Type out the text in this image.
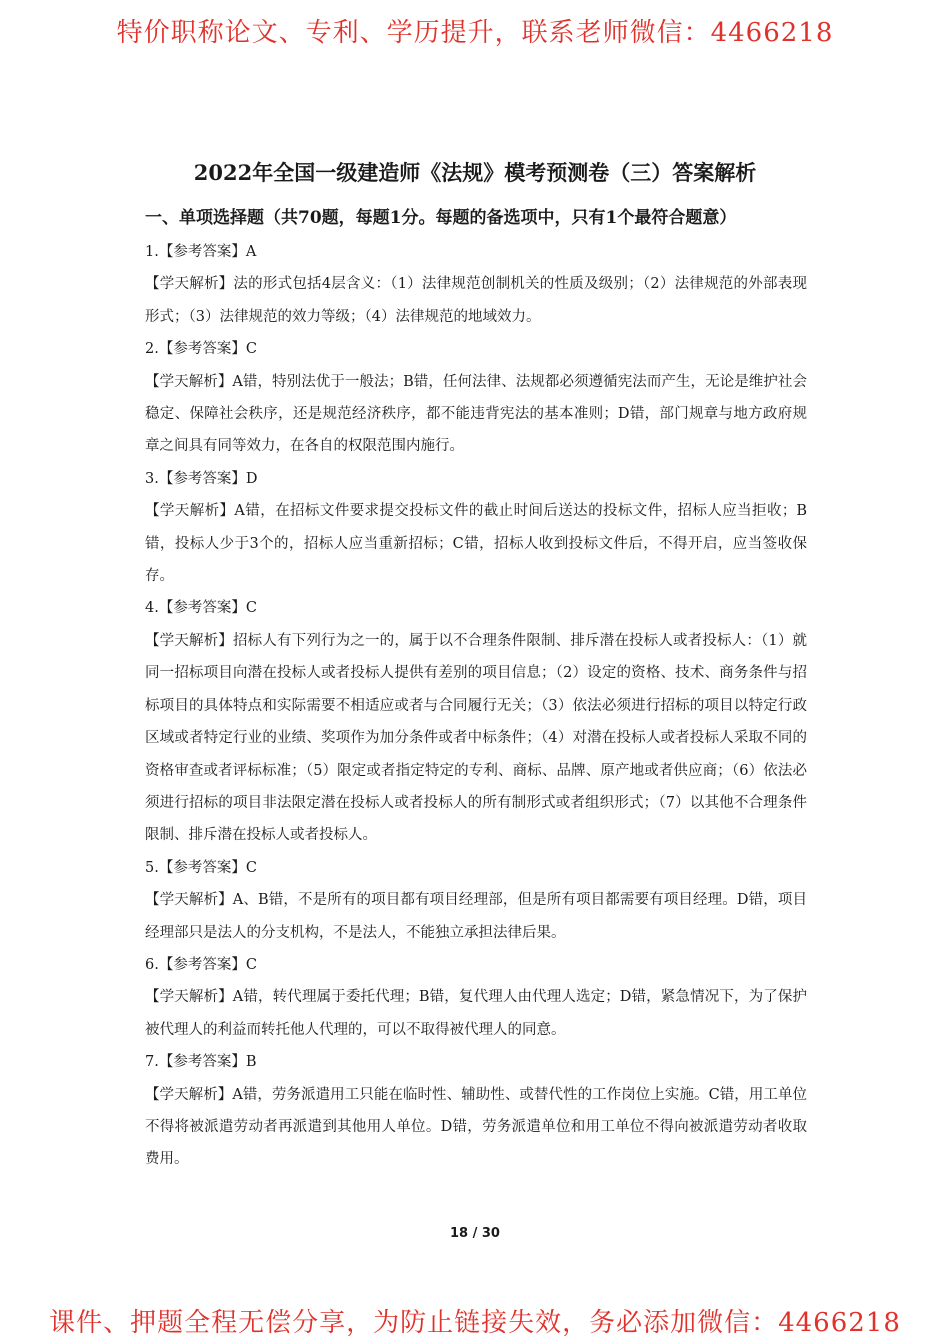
特价职称论文、专利、学历提升，联系老师微信：4466218
2022年全国一级建造师《法规》模考预测卷（三）答案解析
一、单项选择题（共70题，每题1分。每题的备选项中，只有1个最符合题意）

1.【参考答案】A

【学天解析】法的形式包括4层含义：（1）法律规范创制机关的性质及级别；（2）法律规范的外部表现形式；（3）法律规范的效力等级；（4）法律规范的地域效力。

2.【参考答案】C

【学天解析】A错，特别法优于一般法；B错，任何法律、法规都必须遵循宪法而产生，无论是维护社会稳定、保障社会秩序，还是规范经济秩序，都不能违背宪法的基本准则；D错，部门规章与地方政府规章之间具有同等效力，在各自的权限范围内施行。

3.【参考答案】D

【学天解析】A错，在招标文件要求提交投标文件的截止时间后送达的投标文件，招标人应当拒收；B错，投标人少于3个的，招标人应当重新招标；C错，招标人收到投标文件后，不得开启，应当签收保存。

4.【参考答案】C

【学天解析】招标人有下列行为之一的，属于以不合理条件限制、排斥潜在投标人或者投标人：（1）就同一招标项目向潜在投标人或者投标人提供有差别的项目信息；（2）设定的资格、技术、商务条件与招标项目的具体特点和实际需要不相适应或者与合同履行无关；（3）依法必须进行招标的项目以特定行政区域或者特定行业的业绩、奖项作为加分条件或者中标条件；（4）对潜在投标人或者投标人采取不同的资格审查或者评标标准；（5）限定或者指定特定的专利、商标、品牌、原产地或者供应商；（6）依法必须进行招标的项目非法限定潜在投标人或者投标人的所有制形式或者组织形式；（7）以其他不合理条件限制、排斥潜在投标人或者投标人。

5.【参考答案】C

【学天解析】A、B错，不是所有的项目都有项目经理部，但是所有项目都需要有项目经理。D错，项目经理部只是法人的分支机构，不是法人，不能独立承担法律后果。

6.【参考答案】C

【学天解析】A错，转代理属于委托代理；B错，复代理人由代理人选定；D错，紧急情况下，为了保护被代理人的利益而转托他人代理的，可以不取得被代理人的同意。

7.【参考答案】B

【学天解析】A错，劳务派遣用工只能在临时性、辅助性、或替代性的工作岗位上实施。C错，用工单位不得将被派遣劳动者再派遣到其他用人单位。D错，劳务派遣单位和用工单位不得向被派遣劳动者收取费用。

18 / 30
课件、押题全程无偿分享，为防止链接失效，务必添加微信：4466218
